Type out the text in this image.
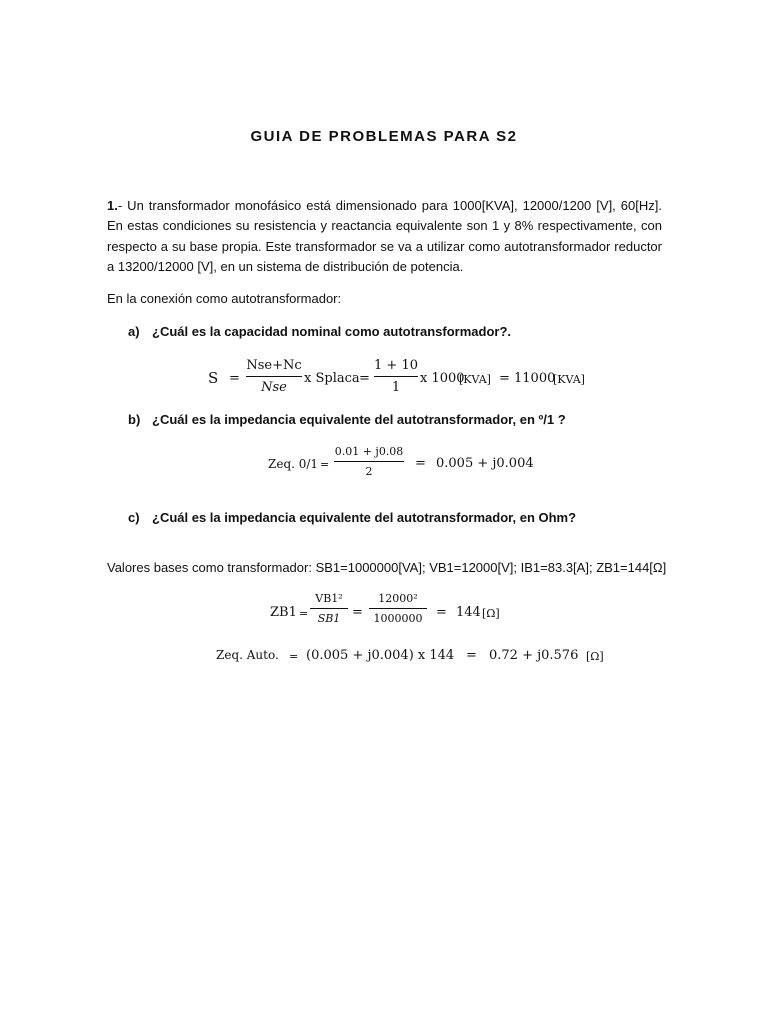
GUIA DE PROBLEMAS PARA S2
1.- Un transformador monofásico está dimensionado para 1000[KVA], 12000/1200 [V], 60[Hz]. En estas condiciones su resistencia y reactancia equivalente son 1 y 8% respectivamente, con respecto a su base propia. Este transformador se va a utilizar como autotransformador reductor a 13200/12000 [V], en un sistema de distribución de potencia.
En la conexión como autotransformador:
a) ¿Cuál es la capacidad nominal como autotransformador?.
S =
Nse+Nc
Nse
x Splaca =
1 + 10
1
x 1000
[KVA] = 11000
[KVA]
b) ¿Cuál es la impedancia equivalente del autotransformador, en º/1 ?
Zeq. 0/1 =
0.01 + j0.08
2
= 0.005 + j0.004
c) ¿Cuál es la impedancia equivalente del autotransformador, en Ohm?
Valores bases como transformador: SB1=1000000[VA]; VB1=12000[V]; IB1=83.3[A]; ZB1=144[Ω]
ZB1 =
VB1²
SB1 =
12000²
1000000 = 144 [Ω]
Zeq. Auto. = (0.005 + j0.004) x 144 = 0.72 + j0.576 [Ω]
